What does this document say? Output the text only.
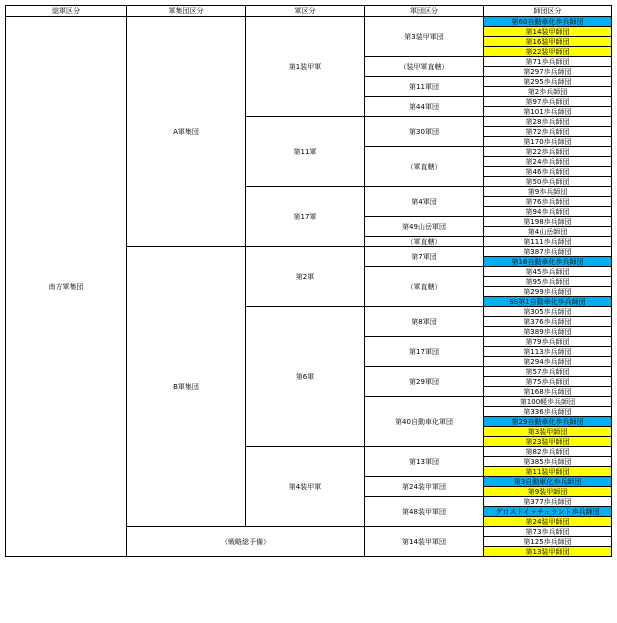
総軍区分	軍集団区分	軍区分	軍団区分	師団区分
南方軍集団	A軍集団	第1装甲軍	第3装甲軍団	第60自動車化歩兵師団
				第14装甲師団
				第16装甲師団
				第22装甲師団
			（装甲軍直轄）	第71歩兵師団
				第297歩兵師団
			第11軍団	第295歩兵師団
				第2歩兵師団
			第44軍団	第97歩兵師団
				第101歩兵師団
		第11軍	第30軍団	第28歩兵師団
				第72歩兵師団
				第170歩兵師団
			（軍直轄）	第22歩兵師団
				第24歩兵師団
				第46歩兵師団
				第50歩兵師団
		第17軍	第4軍団	第9歩兵師団
				第76歩兵師団
				第94歩兵師団
			第49山岳軍団	第198歩兵師団
				第4山岳師団
			（軍直轄）	第111歩兵師団
	B軍集団	第2軍	第7軍団	第387歩兵師団
				第16自動車化歩兵師団
			（軍直轄）	第45歩兵師団
				第95歩兵師団
				第299歩兵師団
				SS第1自動車化歩兵師団
		第6軍	第8軍団	第305歩兵師団
				第376歩兵師団
				第389歩兵師団
			第17軍団	第79歩兵師団
				第113歩兵師団
				第294歩兵師団
			第29軍団	第57歩兵師団
				第75歩兵師団
				第168歩兵師団
			第40自動車化軍団	第100軽歩兵師団
				第336歩兵師団
				第29自動車化歩兵師団
				第3装甲師団
				第23装甲師団
		第4装甲軍	第13軍団	第82歩兵師団
				第385歩兵師団
				第11装甲師団
			第24装甲軍団	第3自動車化歩兵師団
				第9装甲師団
			第48装甲軍団	第377歩兵師団
				グロスドイッチュラント歩兵師団
				第24装甲師団
	（戦略総予備）		第14装甲軍団	第73歩兵師団
				第125歩兵師団
				第13装甲師団
